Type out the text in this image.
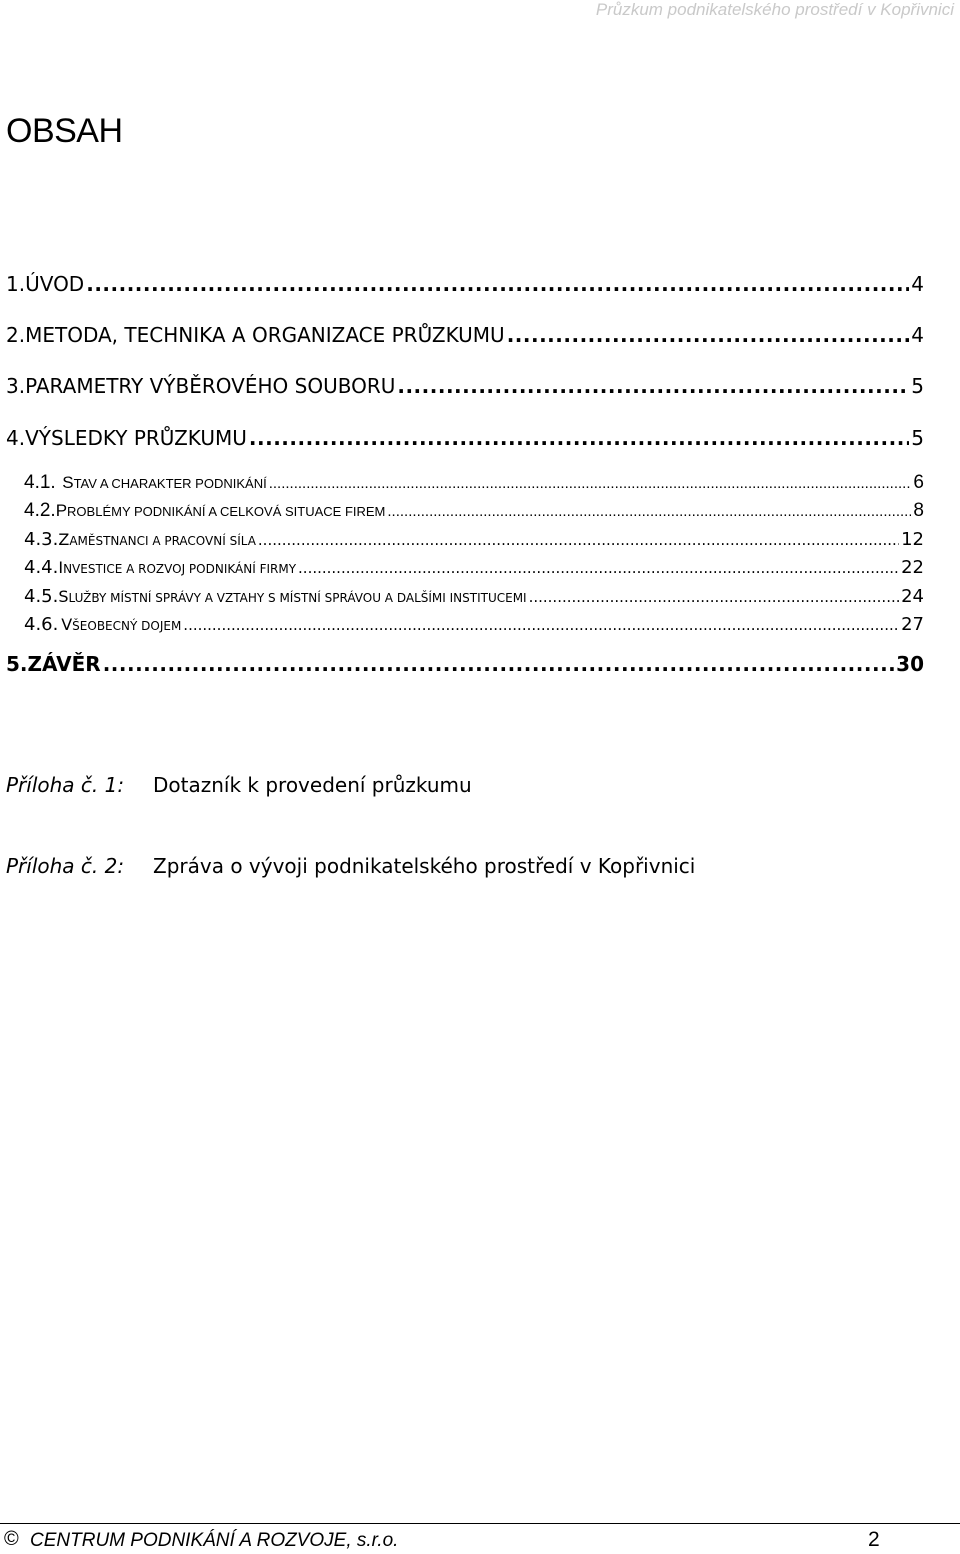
Průzkum podnikatelského prostředí v Kopřivnici
OBSAH
1. ÚVOD .....	4
2. METODA, TECHNIKA A ORGANIZACE PRŮZKUMU .....	4
3. PARAMETRY VÝBĚROVÉHO SOUBORU .....	5
4. VÝSLEDKY PRŮZKUMU .....	5
4.1. STAV A CHARAKTER PODNIKÁNÍ .....	6
4.2. PROBLÉMY PODNIKÁNÍ A CELKOVÁ SITUACE FIREM .....	8
4.3. ZAMĚSTNANCI A PRACOVNÍ SÍLA .....	12
4.4. INVESTICE A ROZVOJ PODNIKÁNÍ FIRMY .....	22
4.5. SLUŽBY MÍSTNÍ SPRÁVY A VZTAHY S MÍSTNÍ SPRÁVOU A DALŠÍMI INSTITUCEMI .....	24
4.6. VŠEOBECNÝ DOJEM .....	27
5. ZÁVĚR .....	30
Příloha č. 1: Dotazník k provedení průzkumu
Příloha č. 2: Zpráva o vývoji podnikatelského prostředí v Kopřivnici
© CENTRUM PODNIKÁNÍ A ROZVOJE, s.r.o.	2
